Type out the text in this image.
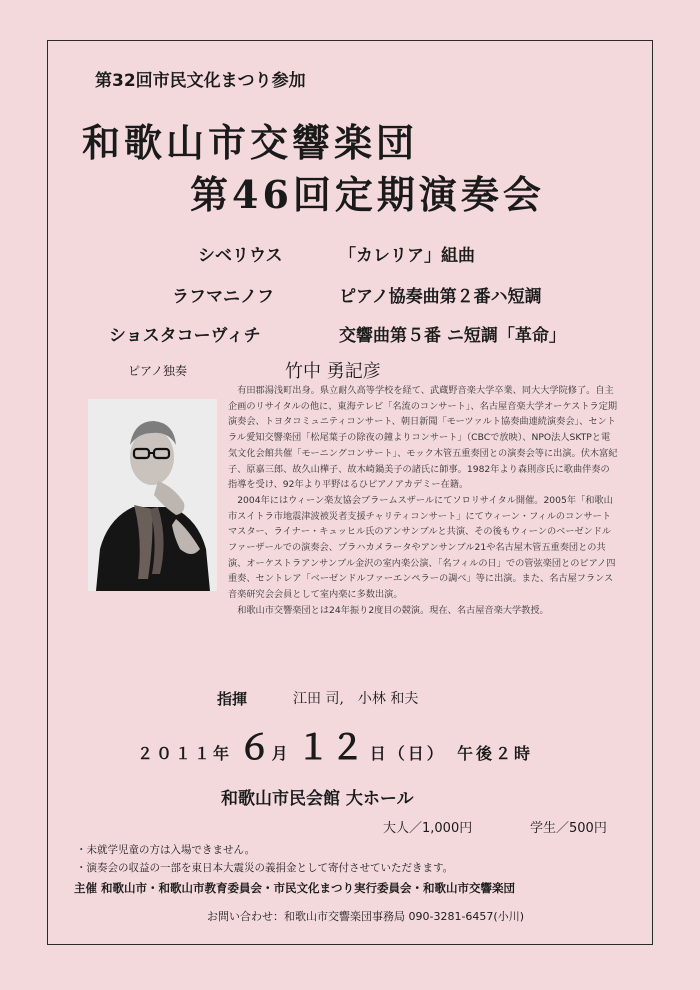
第32回市民文化まつり参加
和歌山市交響楽団
第46回定期演奏会
シベリウス	「カレリア」組曲
ラフマニノフ	ピアノ協奏曲第２番ハ短調
ショスタコーヴィチ	交響曲第５番 ニ短調「革命」
ピアノ独奏	竹中 勇記彦

有田郡湯浅町出身。県立耐久高等学校を経て、武蔵野音楽大学卒業、同大大学院修了。自主企画のリサイタルの他に、東海テレビ「名流のコンサート」、名古屋音楽大学オーケストラ定期演奏会、トヨタコミュニティコンサート、朝日新聞「モーツァルト協奏曲連続演奏会」、セントラル愛知交響楽団「松尾葉子の除夜の鐘よりコンサート」（CBCで放映）、NPO法人SKTPと電気文化会館共催「モーニングコンサート」、モック木管五重奏団との演奏会等に出演。伏木富紀子、原嘉三郎、故久山樺子、故木崎鍋美子の諸氏に師事。1982年より森則彦氏に歌曲伴奏の指導を受け、92年より平野はるひピアノアカデミー在籍。

2004年にはウィーン楽友協会ブラームスザールにてソロリサイタル開催。2005年「和歌山市スイトラ市地震津波被災者支援チャリティコンサート」にてウィーン・フィルのコンサートマスター、ライナー・キュッヒル氏のアンサンブルと共演、その後もウィーンのベーゼンドルファーザールでの演奏会、プラハカメラータやアンサンブル21や名古屋木管五重奏団との共演、オーケストラアンサンブル金沢の室内楽公演、「名フィルの日」での管弦楽団とのピアノ四重奏、セントレア「ベーゼンドルファーエンペラーの調べ」等に出演。また、名古屋フランス音楽研究会会員として室内楽に多数出演。

和歌山市交響楽団とは24年振り2度目の競演。現在、名古屋音楽大学教授。

指揮	江田 司,　小林 和夫
２０１１年 ６月 １２ 日（日） 午後２時
和歌山市民会館 大ホール
大人／1,000円	学生／500円
・未就学児童の方は入場できません。
・演奏会の収益の一部を東日本大震災の義捐金として寄付させていただきます。
主催 和歌山市・和歌山市教育委員会・市民文化まつり実行委員会・和歌山市交響楽団
お問い合わせ：和歌山市交響楽団事務局 090-3281-6457(小川)
